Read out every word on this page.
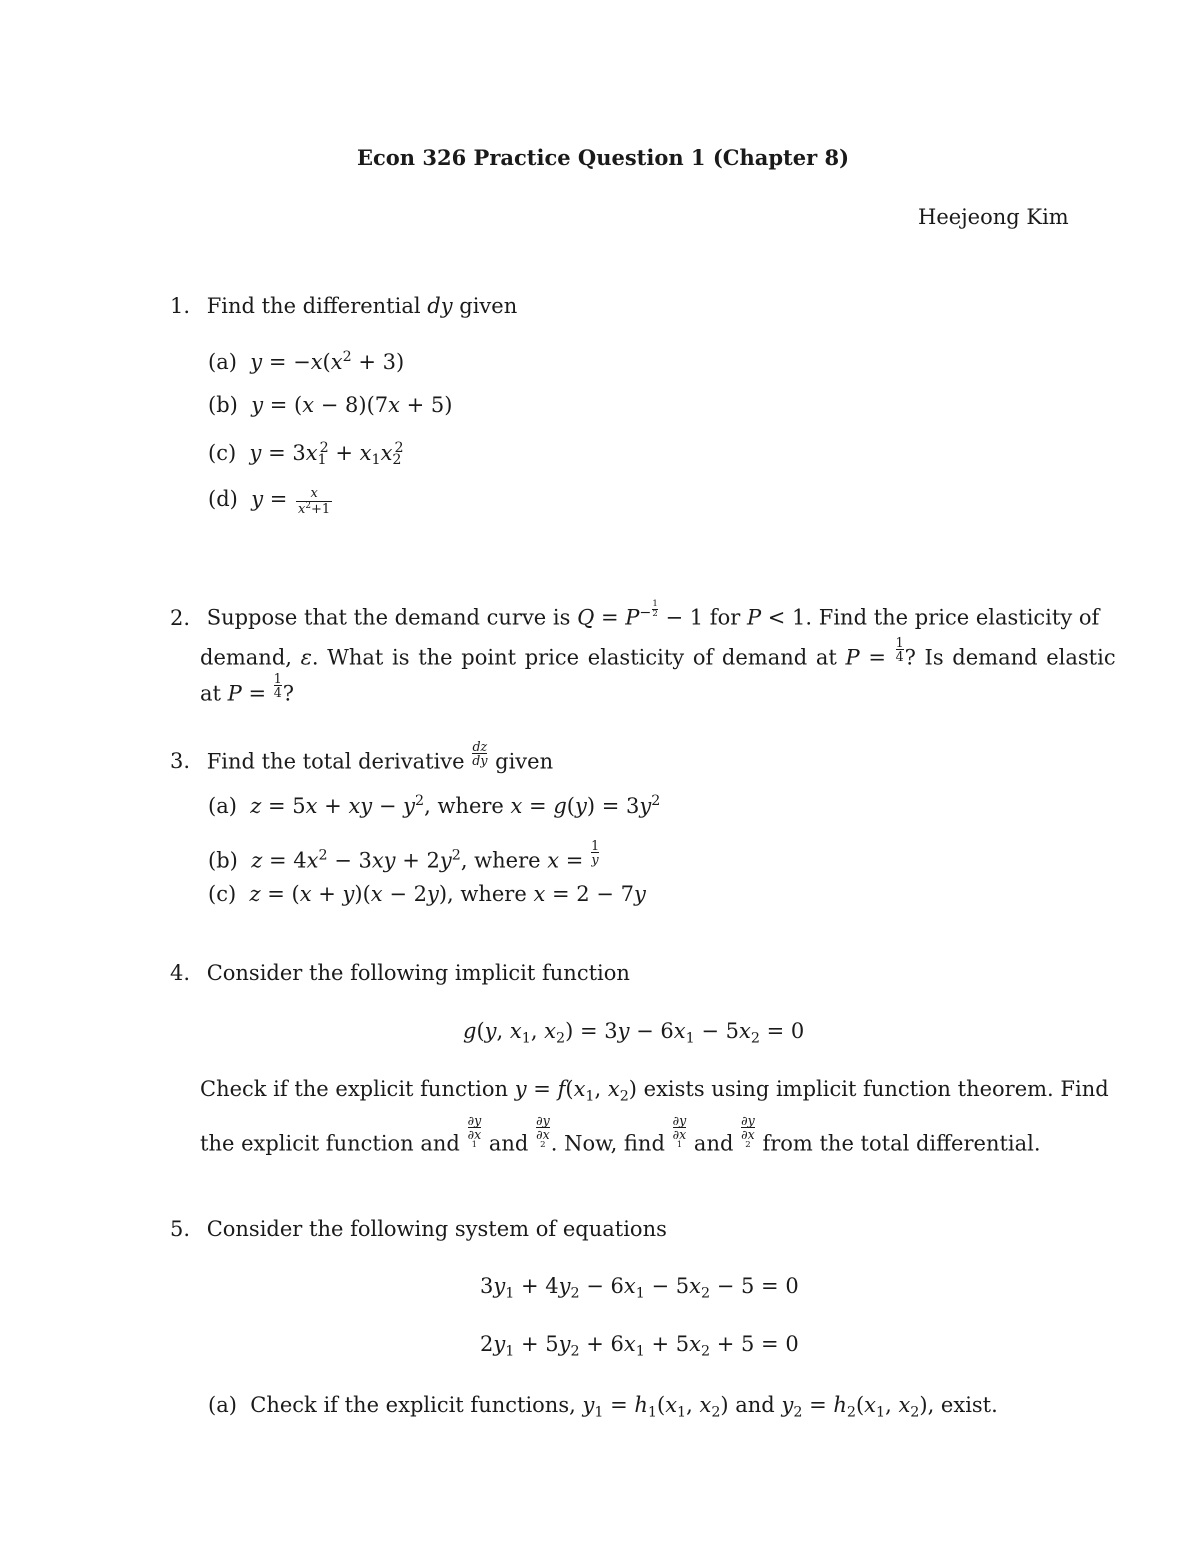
Econ 326 Practice Question 1 (Chapter 8)
Heejeong Kim
1. Find the differential dy given
(a) $y = -x(x^2 + 3)$
(b) y = (x − 8)(7x + 5)
(c) $y = 3x_1^2 + x_1x_2^2$
(d) $y = \frac{x}{x^2+1}$
2. Suppose that the demand curve is $Q = P^{- \frac{1}{2}} - 1$ for P < 1. Find the price elasticity of
demand, ε. What is the point price elasticity of demand at $P = \frac{1}{4}$ ? Is demand elastic
at $P = \frac{1}{4}$ ?
3. Find the total derivative $\frac{dz}{dy}$ given
(a) z = 5x + xy − $y^2$, where $x = g(y) = 3y^2$
(b) $z = 4x^2 - 3xy + 2y^2$, where $x = \frac{1}{y}$
(c) z = (x + y)(x − 2y), where x = 2 − 7y
4. Consider the following implicit function
g(y, $x_1$, $x_2) = 3y - 6x_1 - 5x_2 = 0$
Check if the explicit function $y = f(x_1$, $x_2$) exists using implicit function theorem. Find
the explicit function and ∂y
∂x
1 and ∂y
∂x
2 . Now, find ∂y
∂x
1 and ∂y
∂x
2 from the total differential.
5. Consider the following system of equations
$3y_1 + 4y_2 - 6x_1 - 5x_2 - 5 = 0$
$2y_1 + 5y_2 + 6x_1 + 5x_2 + 5 = 0$
(a) Check if the explicit functions, $y_1 = h_1(x_1$, $x_2$) and $y_2 = h_2(x_1$, $x_2$), exist.
